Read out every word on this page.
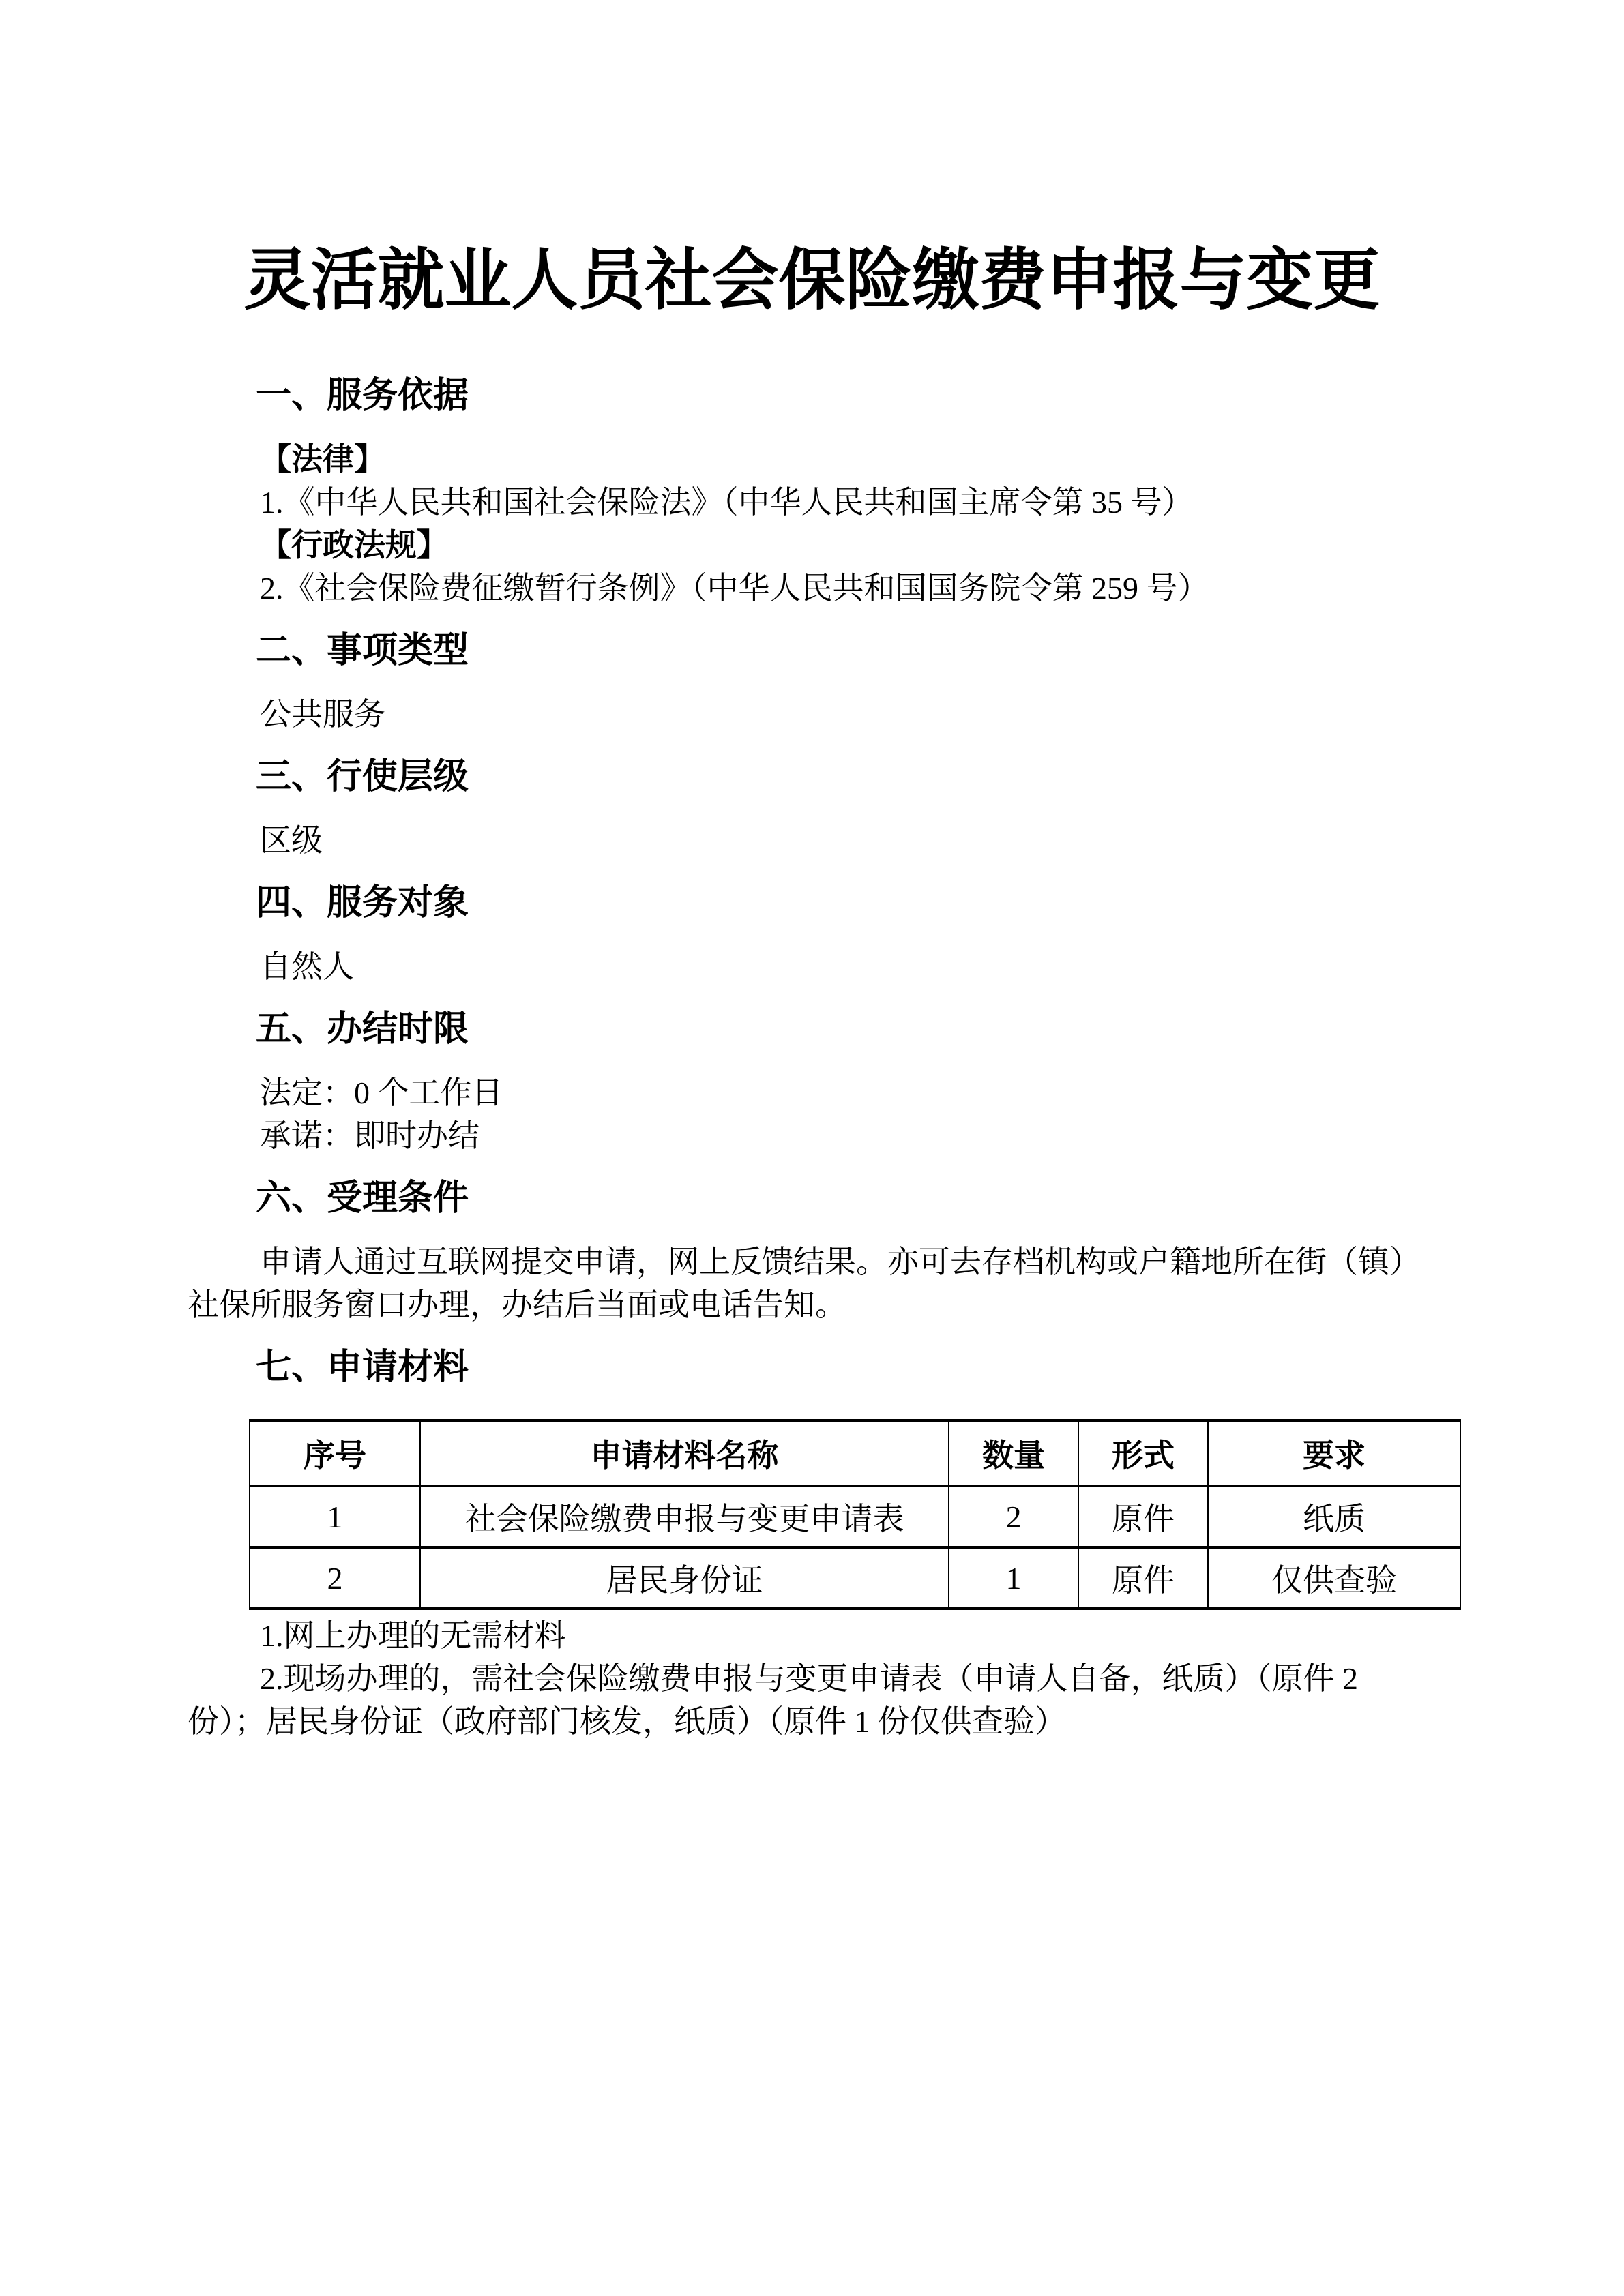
灵活就业人员社会保险缴费申报与变更
一、服务依据

【法律】

1.《中华人民共和国社会保险法》（中华人民共和国主席令第 35 号）

【行政法规】

2.《社会保险费征缴暂行条例》（中华人民共和国国务院令第 259 号）

二、事项类型

公共服务

三、行使层级

区级

四、服务对象

自然人

五、办结时限

法定：0 个工作日

承诺：即时办结

六、受理条件
申请人通过互联网提交申请，网上反馈结果。亦可去存档机构或户籍地所在街（镇）
社保所服务窗口办理，办结后当面或电话告知。
七、申请材料
序号	申请材料名称	数量	形式	要求
1	社会保险缴费申报与变更申请表	2	原件	纸质
2	居民身份证	1	原件	仅供查验

1.网上办理的无需材料

2.现场办理的，需社会保险缴费申报与变更申请表（申请人自备，纸质）（原件 2
份）；居民身份证（政府部门核发，纸质）（原件 1 份仅供查验）
